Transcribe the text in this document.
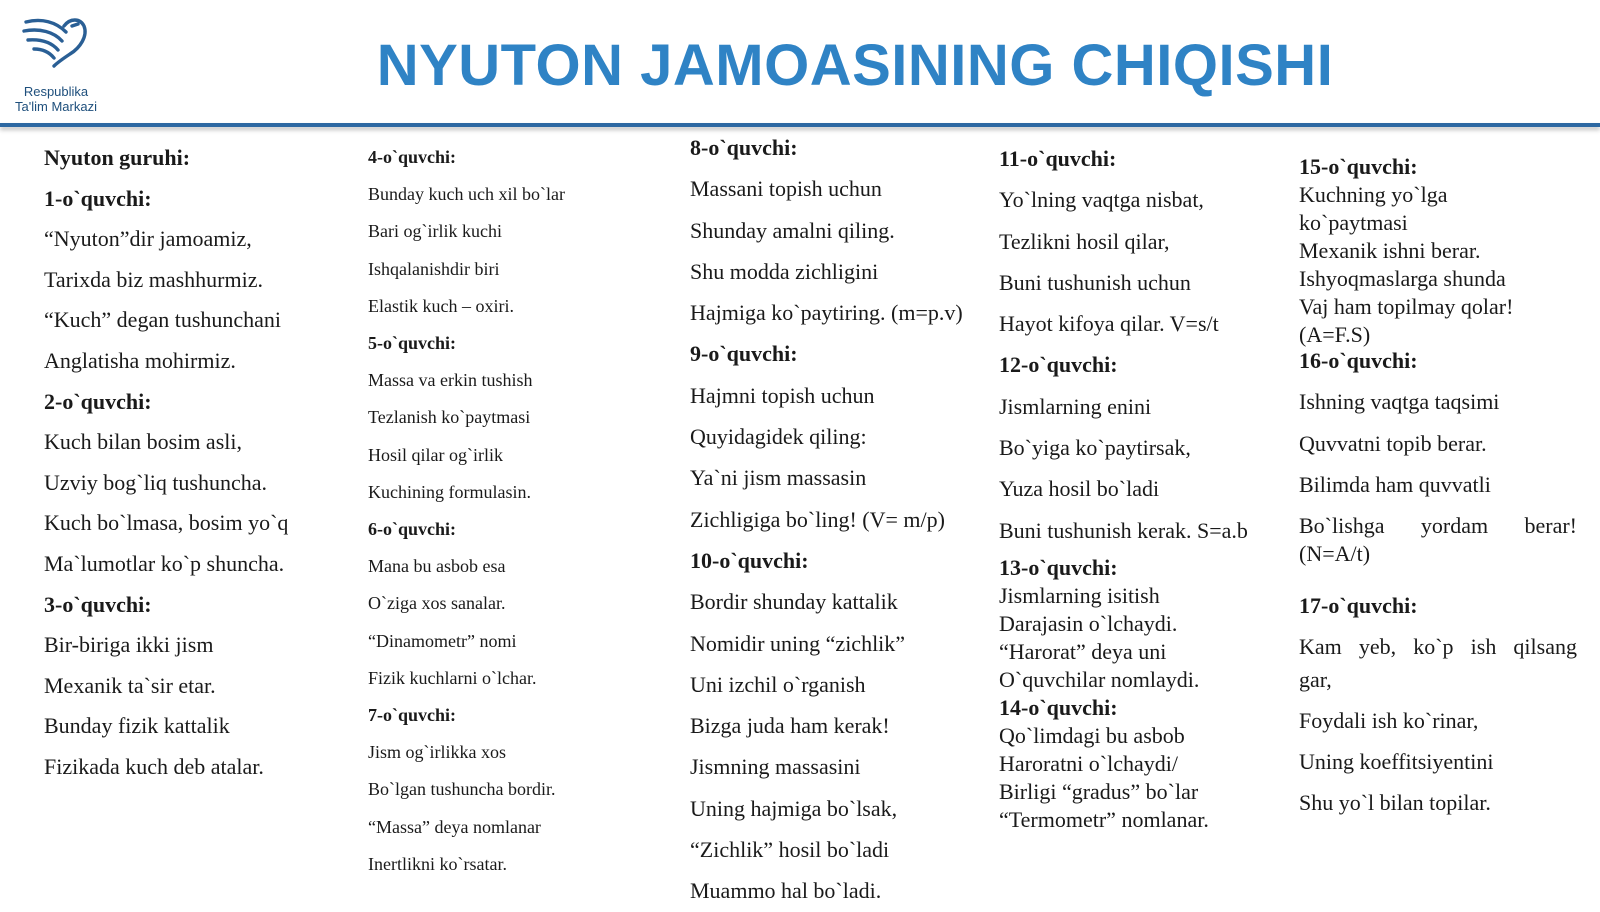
Respublika
Ta'lim Markazi
NYUTON JAMOASINING CHIQISHI
Nyuton guruhi:
1-o`quvchi:
“Nyuton”dir jamoamiz,
Tarixda biz mashhurmiz.
“Kuch” degan tushunchani
Anglatisha mohirmiz.
2-o`quvchi:
Kuch bilan bosim asli,
Uzviy bog`liq tushuncha.
Kuch bo`lmasa, bosim yo`q
Ma`lumotlar ko`p shuncha.
3-o`quvchi:
Bir-biriga ikki jism
Mexanik ta`sir etar.
Bunday fizik kattalik
Fizikada kuch deb atalar.
4-o`quvchi:
Bunday kuch uch xil bo`lar
Bari og`irlik kuchi
Ishqalanishdir biri
Elastik kuch – oxiri.
5-o`quvchi:
Massa va erkin tushish
Tezlanish ko`paytmasi
Hosil qilar og`irlik
Kuchining formulasin.
6-o`quvchi:
Mana bu asbob esa
O`ziga xos sanalar.
“Dinamometr” nomi
Fizik kuchlarni o`lchar.
7-o`quvchi:
Jism og`irlikka xos
Bo`lgan tushuncha bordir.
“Massa” deya nomlanar
Inertlikni ko`rsatar.
8-o`quvchi:
Massani topish uchun
Shunday amalni qiling.
Shu modda zichligini
Hajmiga ko`paytiring. (m=p.v)
9-o`quvchi:
Hajmni topish uchun
Quyidagidek qiling:
Ya`ni jism massasin
Zichligiga bo`ling! (V= m/p)
10-o`quvchi:
Bordir shunday kattalik
Nomidir uning “zichlik”
Uni izchil o`rganish
Bizga juda ham kerak!
Jismning massasini
Uning hajmiga bo`lsak,
“Zichlik” hosil bo`ladi
Muammo hal bo`ladi.
11-o`quvchi:
Yo`lning vaqtga nisbat,
Tezlikni hosil qilar,
Buni tushunish uchun
Hayot kifoya qilar. V=s/t
12-o`quvchi:
Jismlarning enini
Bo`yiga ko`paytirsak,
Yuza hosil bo`ladi
Buni tushunish kerak. S=a.b
13-o`quvchi:
Jismlarning isitish
Darajasin o`lchaydi.
“Harorat” deya uni
O`quvchilar nomlaydi.
14-o`quvchi:
Qo`limdagi bu asbob
Haroratni o`lchaydi/
Birligi “gradus” bo`lar
“Termometr” nomlanar.
15-o`quvchi:
Kuchning yo`lga
ko`paytmasi
Mexanik ishni berar.
Ishyoqmaslarga shunda
Vaj ham topilmay qolar!
(A=F.S)
16-o`quvchi:
Ishning vaqtga taqsimi
Quvvatni topib berar.
Bilimda ham quvvatli
Bo`lishga yordam berar!
(N=A/t)
17-o`quvchi:
Kam yeb, ko`p ish qilsang
gar,
Foydali ish ko`rinar,
Uning koeffitsiyentini
Shu yo`l bilan topilar.
